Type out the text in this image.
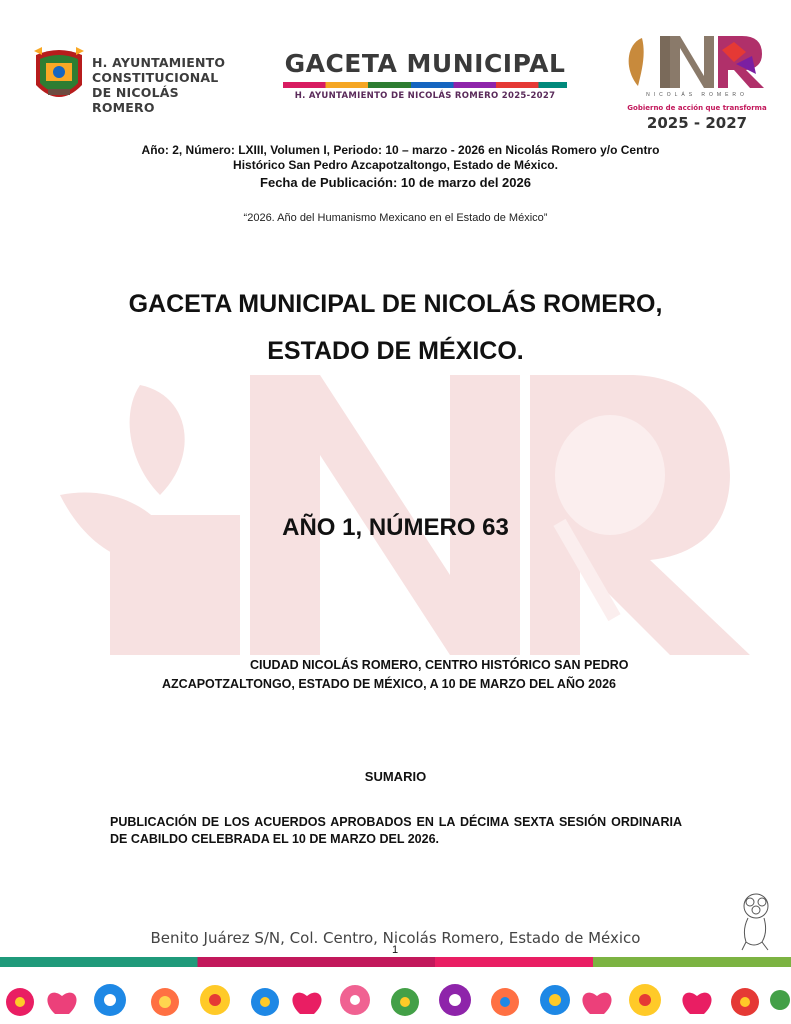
H. AYUNTAMIENTO
CONSTITUCIONAL
DE NICOLÁS ROMERO
GACETA MUNICIPAL
H. AYUNTAMIENTO DE NICOLÁS ROMERO 2025-2027	NICOLÁS ROMERO
Gobierno de acción que transforma
2025 - 2027
Año: 2, Número: LXIII, Volumen I, Periodo: 10 – marzo - 2026 en Nicolás Romero y/o Centro
Histórico San Pedro Azcapotzaltongo, Estado de México.
Fecha de Publicación: 10 de marzo del 2026
“2026. Año del Humanismo Mexicano en el Estado de México”
GACETA MUNICIPAL DE NICOLÁS ROMERO,
ESTADO DE MÉXICO.
AÑO 1, NÚMERO 63
CIUDAD NICOLÁS ROMERO, CENTRO HISTÓRICO SAN PEDRO
AZCAPOTZALTONGO, ESTADO DE MÉXICO, A 10 DE MARZO DEL AÑO 2026
SUMARIO
PUBLICACIÓN DE LOS ACUERDOS APROBADOS EN LA DÉCIMA SEXTA SESIÓN ORDINARIA DE CABILDO CELEBRADA EL 10 DE MARZO DEL 2026.
Benito Juárez S/N, Col. Centro, Nicolás Romero, Estado de México
1
